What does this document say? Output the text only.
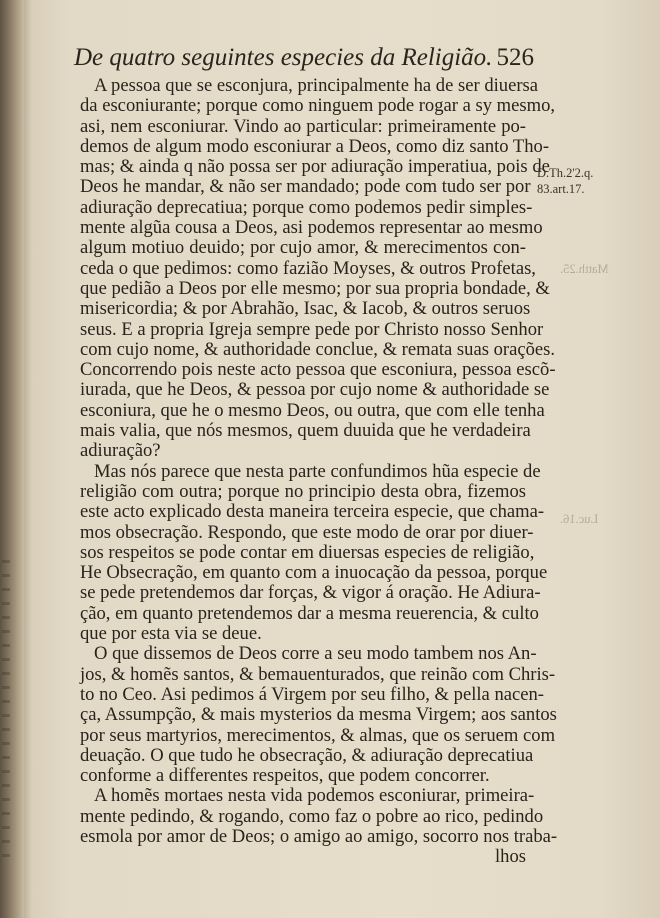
De quatro seguintes especies da Religião. 526
A pessoa que se esconjura, principalmente ha de ser diuersa
da esconiurante; porque como ninguem pode rogar a sy mesmo,
asi, nem esconiurar. Vindo ao particular: primeiramente po-
demos de algum modo esconiurar a Deos, como diz santo Tho-
mas; & ainda q não possa ser por adiuração imperatiua, pois de
Deos he mandar, & não ser mandado; pode com tudo ser por
adiuração deprecatiua; porque como podemos pedir simples-
mente algũa cousa a Deos, asi podemos representar ao mesmo
algum motiuo deuido; por cujo amor, & merecimentos con-
ceda o que pedimos: como fazião Moyses, & outros Profetas,
que pedião a Deos por elle mesmo; por sua propria bondade, &
misericordia; & por Abrahão, Isac, & Iacob, & outros seruos
seus. E a propria Igreja sempre pede por Christo nosso Senhor
com cujo nome, & authoridade conclue, & remata suas orações.
Concorrendo pois neste acto pessoa que esconiura, pessoa escõ-
iurada, que he Deos, & pessoa por cujo nome & authoridade se
esconiura, que he o mesmo Deos, ou outra, que com elle tenha
mais valia, que nós mesmos, quem duuida que he verdadeira
adiuração?
Mas nós parece que nesta parte confundimos hũa especie de
religião com outra; porque no principio desta obra, fizemos
este acto explicado desta maneira terceira especie, que chama-
mos obsecração. Respondo, que este modo de orar por diuer-
sos respeitos se pode contar em diuersas especies de religião,
He Obsecração, em quanto com a inuocação da pessoa, porque
se pede pretendemos dar forças, & vigor á oração. He Adiura-
ção, em quanto pretendemos dar a mesma reuerencia, & culto
que por esta via se deue.
O que dissemos de Deos corre a seu modo tambem nos An-
jos, & homẽs santos, & bemauenturados, que reinão com Chris-
to no Ceo. Asi pedimos á Virgem por seu filho, & pella nacen-
ça, Assumpção, & mais mysterios da mesma Virgem; aos santos
por seus martyrios, merecimentos, & almas, que os seruem com
deuação. O que tudo he obsecração, & adiuração deprecatiua
conforme a differentes respeitos, que podem concorrer.
A homẽs mortaes nesta vida podemos esconiurar, primeira-
mente pedindo, & rogando, como faz o pobre ao rico, pedindo
esmola por amor de Deos; o amigo ao amigo, socorro nos traba-
lhos
D.Th.2'2.q.
83.art.17.
Matth.25.
Luc.16.
